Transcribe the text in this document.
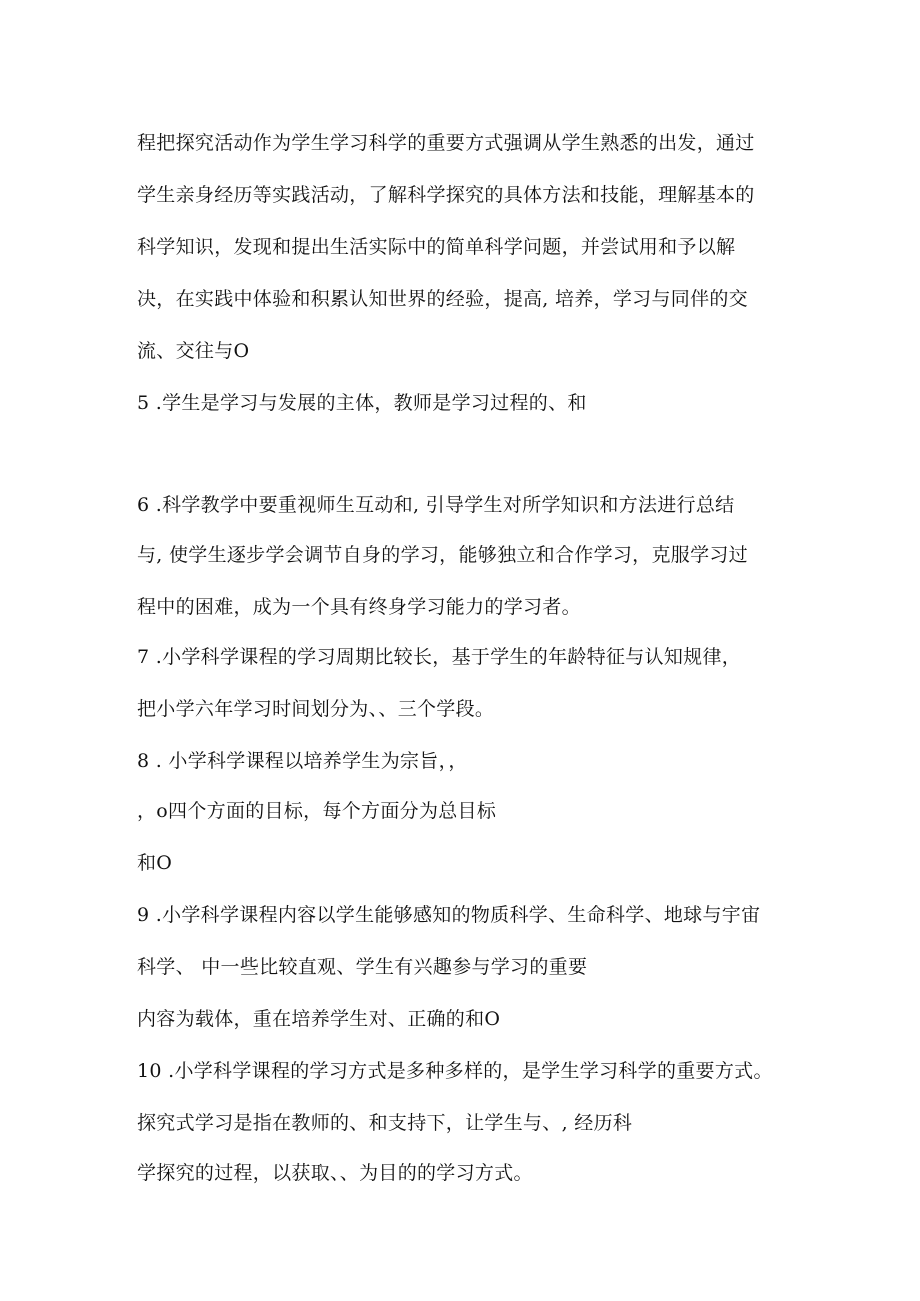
程把探究活动作为学生学习科学的重要方式强调从学生熟悉的出发，通过
学生亲身经历等实践活动，了解科学探究的具体方法和技能，理解基本的
科学知识，发现和提出生活实际中的简单科学问题，并尝试用和予以解
决，在实践中体验和积累认知世界的经验，提高, 培养，学习与同伴的交
流、交往与O
5 .学生是学习与发展的主体，教师是学习过程的、和
6 .科学教学中要重视师生互动和, 引导学生对所学知识和方法进行总结
与, 使学生逐步学会调节自身的学习，能够独立和合作学习，克服学习过
程中的困难，成为一个具有终身学习能力的学习者。
7 .小学科学课程的学习周期比较长，基于学生的年龄特征与认知规律，
把小学六年学习时间划分为、、三个学段。
8 . 小学科学课程以培养学生为宗旨，，
，o四个方面的目标，每个方面分为总目标
和O
9 .小学科学课程内容以学生能够感知的物质科学、生命科学、地球与宇宙
科学、 中一些比较直观、学生有兴趣参与学习的重要
内容为载体，重在培养学生对、正确的和O
10 .小学科学课程的学习方式是多种多样的，是学生学习科学的重要方式。
探究式学习是指在教师的、和支持下，让学生与、, 经历科
学探究的过程，以获取、、为目的的学习方式。
